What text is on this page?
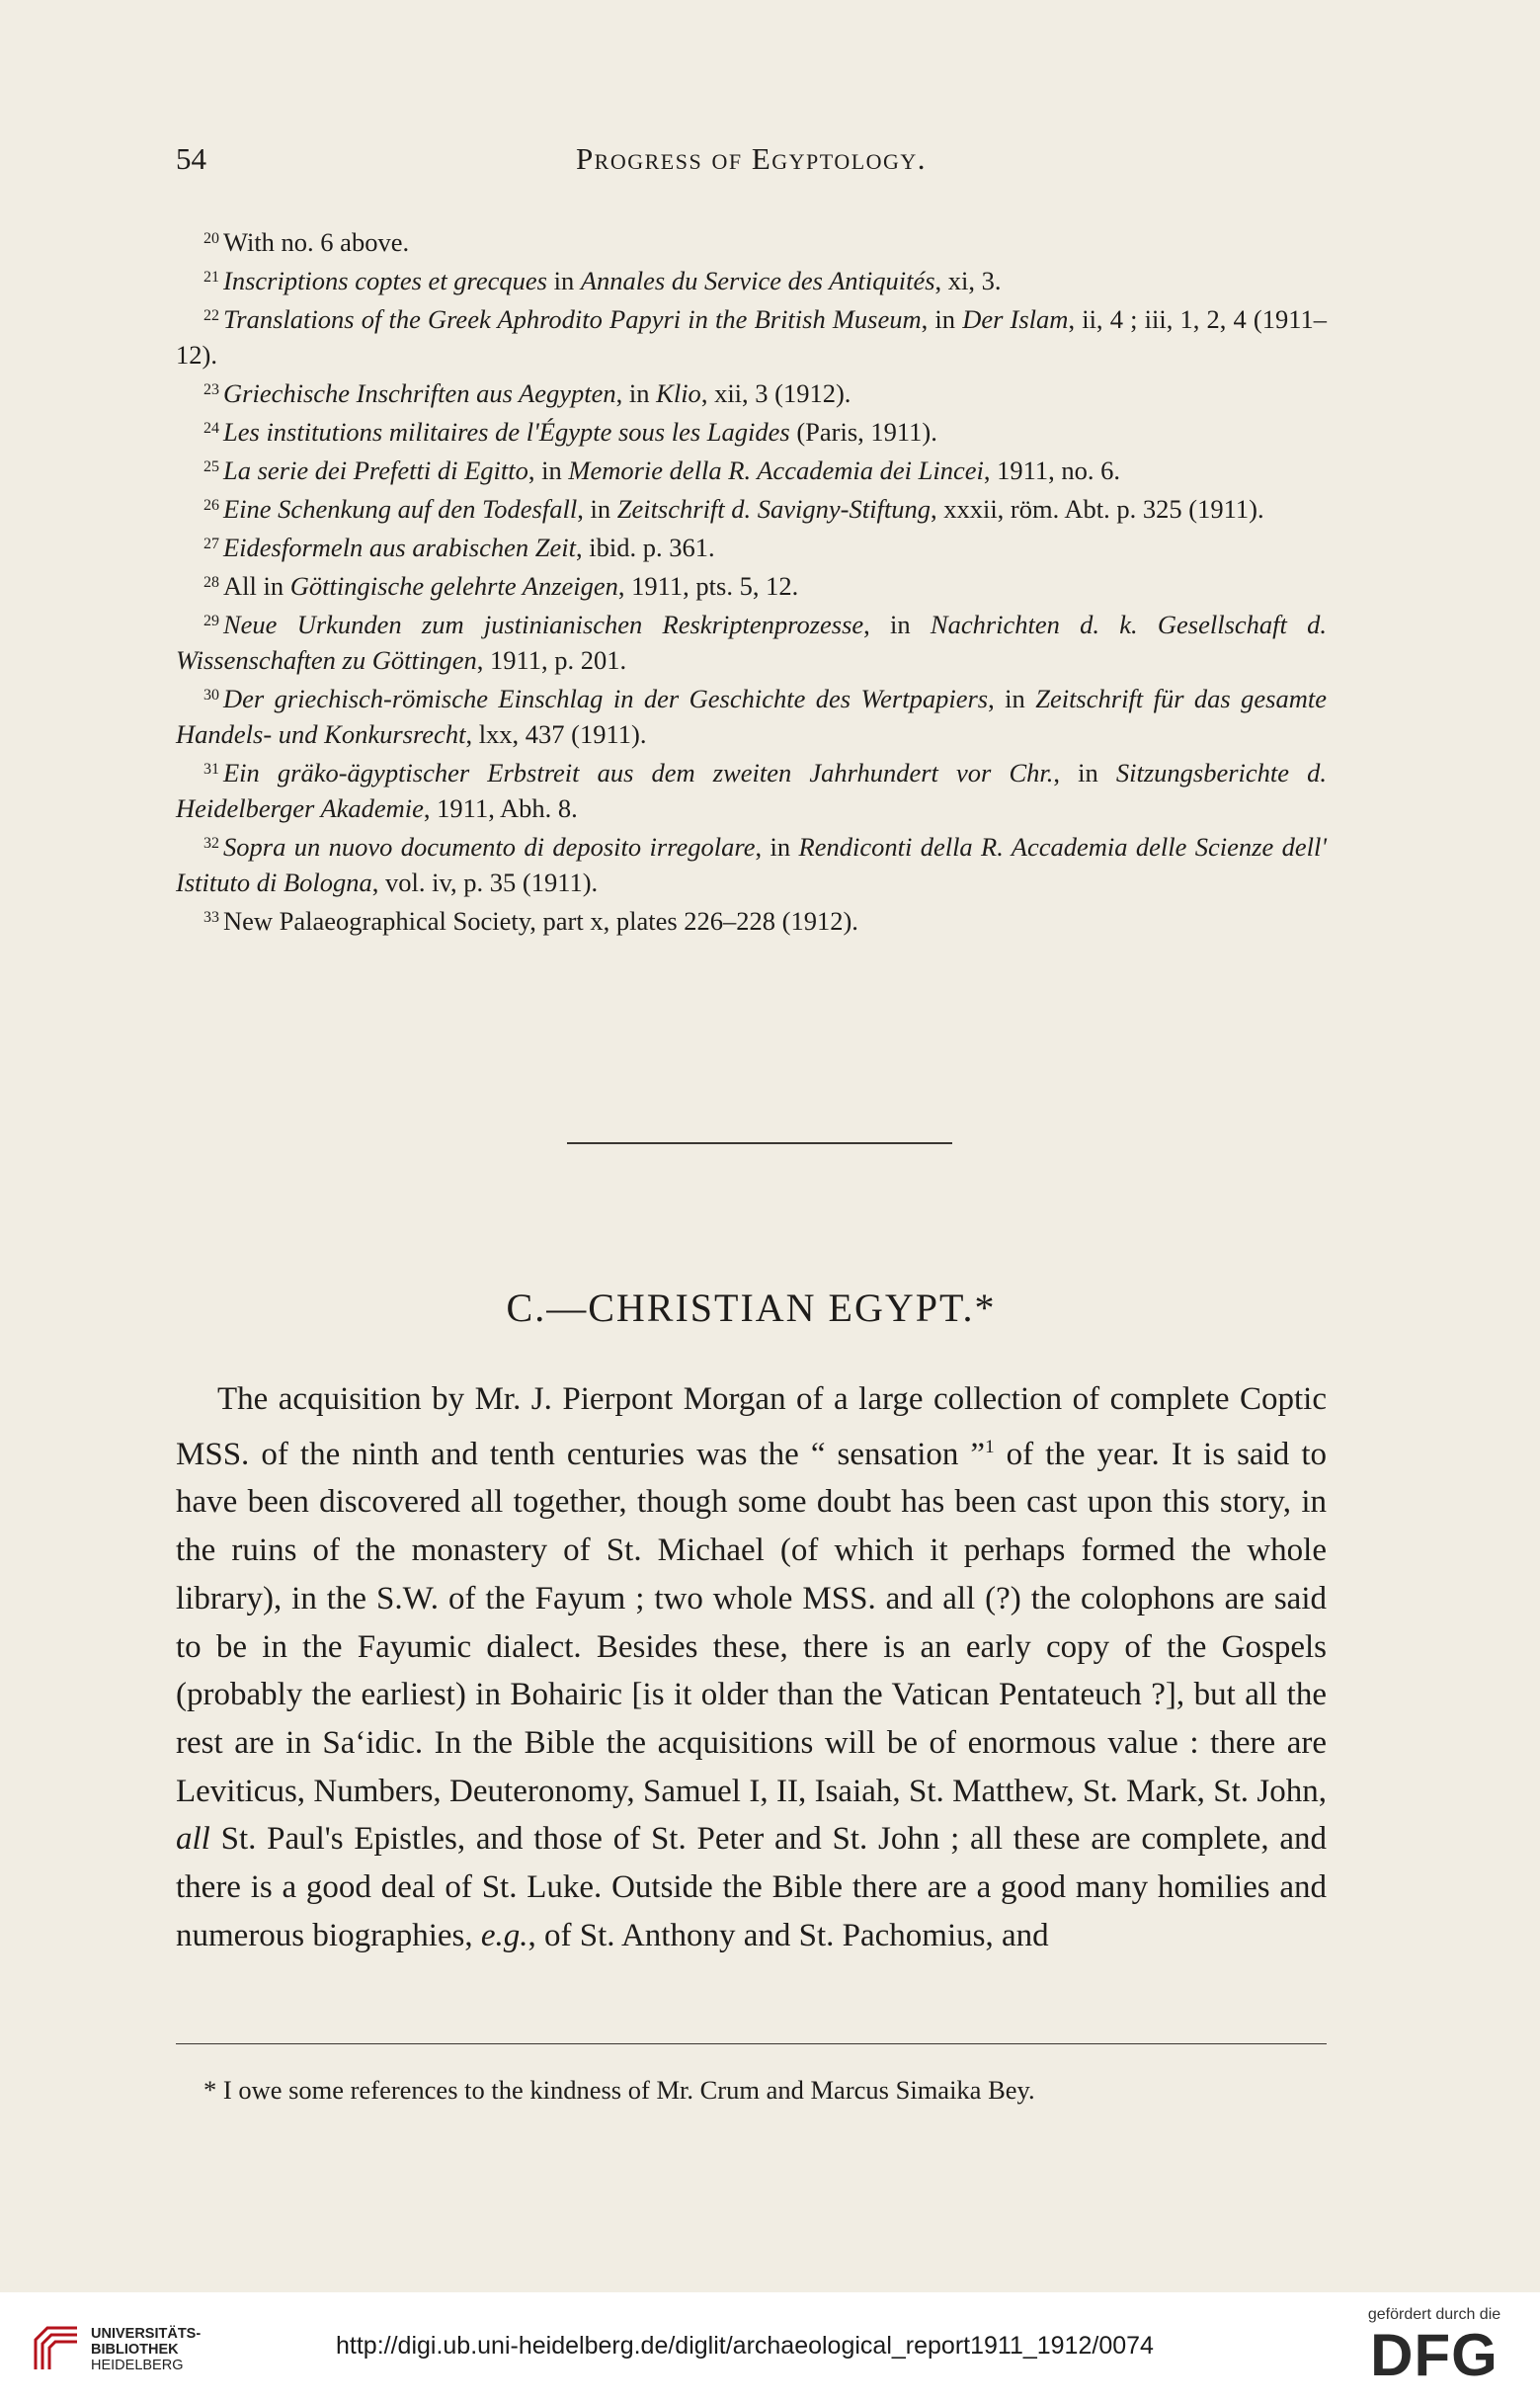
54	Progress of Egyptology.

$^{20}$ With no. 6 above.

$^{21}$ Inscriptions coptes et grecques in Annales du Service des Antiquités, xi, 3.

$^{22}$ Translations of the Greek Aphrodito Papyri in the British Museum, in Der Islam, ii, 4 ; iii, 1, 2, 4 (1911–12).

$^{23}$ Griechische Inschriften aus Aegypten, in Klio, xii, 3 (1912).

$^{24}$ Les institutions militaires de l'Égypte sous les Lagides (Paris, 1911).

$^{25}$ La serie dei Prefetti di Egitto, in Memorie della R. Accademia dei Lincei, 1911, no. 6.

$^{26}$ Eine Schenkung auf den Todesfall, in Zeitschrift d. Savigny-Stiftung, xxxii, röm. Abt. p. 325 (1911).

$^{27}$ Eidesformeln aus arabischen Zeit, ibid. p. 361.

$^{28}$ All in Göttingische gelehrte Anzeigen, 1911, pts. 5, 12.

$^{29}$ Neue Urkunden zum justinianischen Reskriptenprozesse, in Nachrichten d. k. Gesellschaft d. Wissenschaften zu Göttingen, 1911, p. 201.

$^{30}$ Der griechisch-römische Einschlag in der Geschichte des Wertpapiers, in Zeitschrift für das gesamte Handels- und Konkursrecht, lxx, 437 (1911).

$^{31}$ Ein gräko-ägyptischer Erbstreit aus dem zweiten Jahrhundert vor Chr., in Sitzungsberichte d. Heidelberger Akademie, 1911, Abh. 8.

$^{32}$ Sopra un nuovo documento di deposito irregolare, in Rendiconti della R. Accademia delle Scienze dell' Istituto di Bologna, vol. iv, p. 35 (1911).

$^{33}$ New Palaeographical Society, part x, plates 226–228 (1912).

C.—CHRISTIAN EGYPT.*

The acquisition by Mr. J. Pierpont Morgan of a large collection of complete Coptic MSS. of the ninth and tenth centuries was the “ sensation ”$^1$ of the year. It is said to have been discovered all together, though some doubt has been cast upon this story, in the ruins of the monastery of St. Michael (of which it perhaps formed the whole library), in the S.W. of the Fayum ; two whole MSS. and all (?) the colophons are said to be in the Fayumic dialect. Besides these, there is an early copy of the Gospels (probably the earliest) in Bohairic [is it older than the Vatican Pentateuch ?], but all the rest are in Saʻidic. In the Bible the acquisitions will be of enormous value : there are Leviticus, Numbers, Deuteronomy, Samuel I, II, Isaiah, St. Matthew, St. Mark, St. John, all St. Paul's Epistles, and those of St. Peter and St. John ; all these are complete, and there is a good deal of St. Luke. Outside the Bible there are a good many homilies and numerous biographies, e.g., of St. Anthony and St. Pachomius, and

* I owe some references to the kindness of Mr. Crum and Marcus Simaika Bey.
UNIVERSITÄTS-
BIBLIOTHEK
HEIDELBERG
http://digi.ub.uni-heidelberg.de/diglit/archaeological_report1911_1912/0074
gefördert durch die
DFG
